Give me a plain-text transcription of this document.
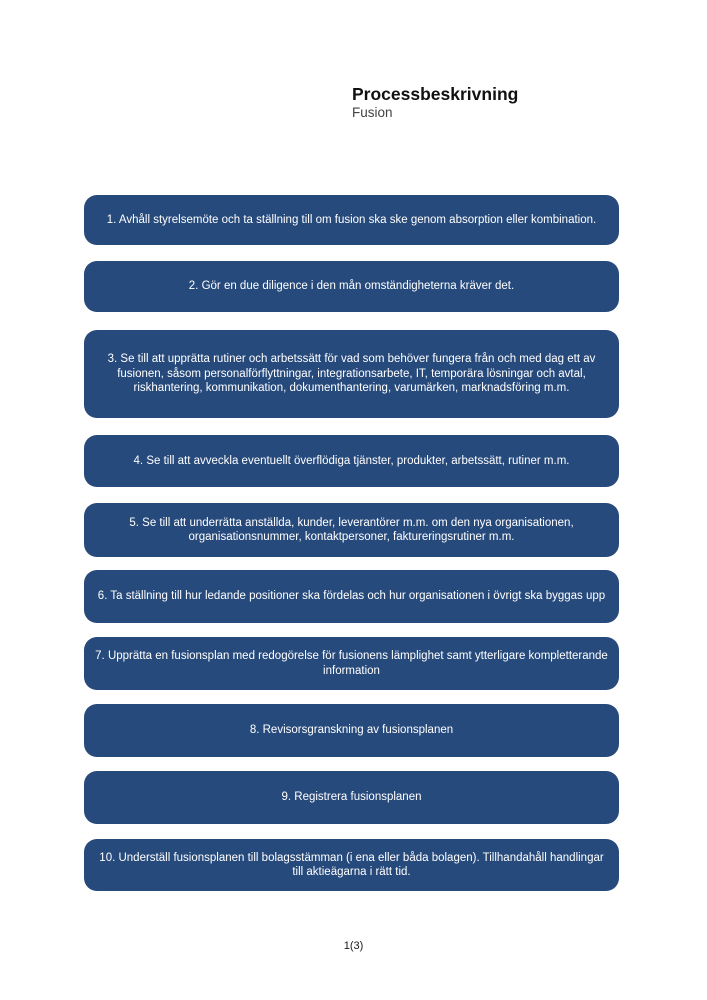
Processbeskrivning
Fusion
1. Avhåll styrelsemöte och ta ställning till om fusion ska ske genom absorption eller kombination.
2. Gör en due diligence i den mån omständigheterna kräver det.
3. Se till att upprätta rutiner och arbetssätt för vad som behöver fungera från och med dag ett av fusionen, såsom personalförflyttningar, integrationsarbete, IT, temporära lösningar och avtal, riskhantering, kommunikation, dokumenthantering, varumärken, marknadsföring m.m.
4. Se till att avveckla eventuellt överflödiga tjänster, produkter, arbetssätt, rutiner m.m.
5. Se till att underrätta anställda, kunder, leverantörer m.m. om den nya organisationen, organisationsnummer, kontaktpersoner, faktureringsrutiner m.m.
6. Ta ställning till hur ledande positioner ska fördelas och hur organisationen i övrigt ska byggas upp
7. Upprätta en fusionsplan med redogörelse för fusionens lämplighet samt ytterligare kompletterande information
8. Revisorsgranskning av fusionsplanen
9. Registrera fusionsplanen
10. Underställ fusionsplanen till bolagsstämman (i ena eller båda bolagen). Tillhandahåll handlingar till aktieägarna i rätt tid.
1(3)
